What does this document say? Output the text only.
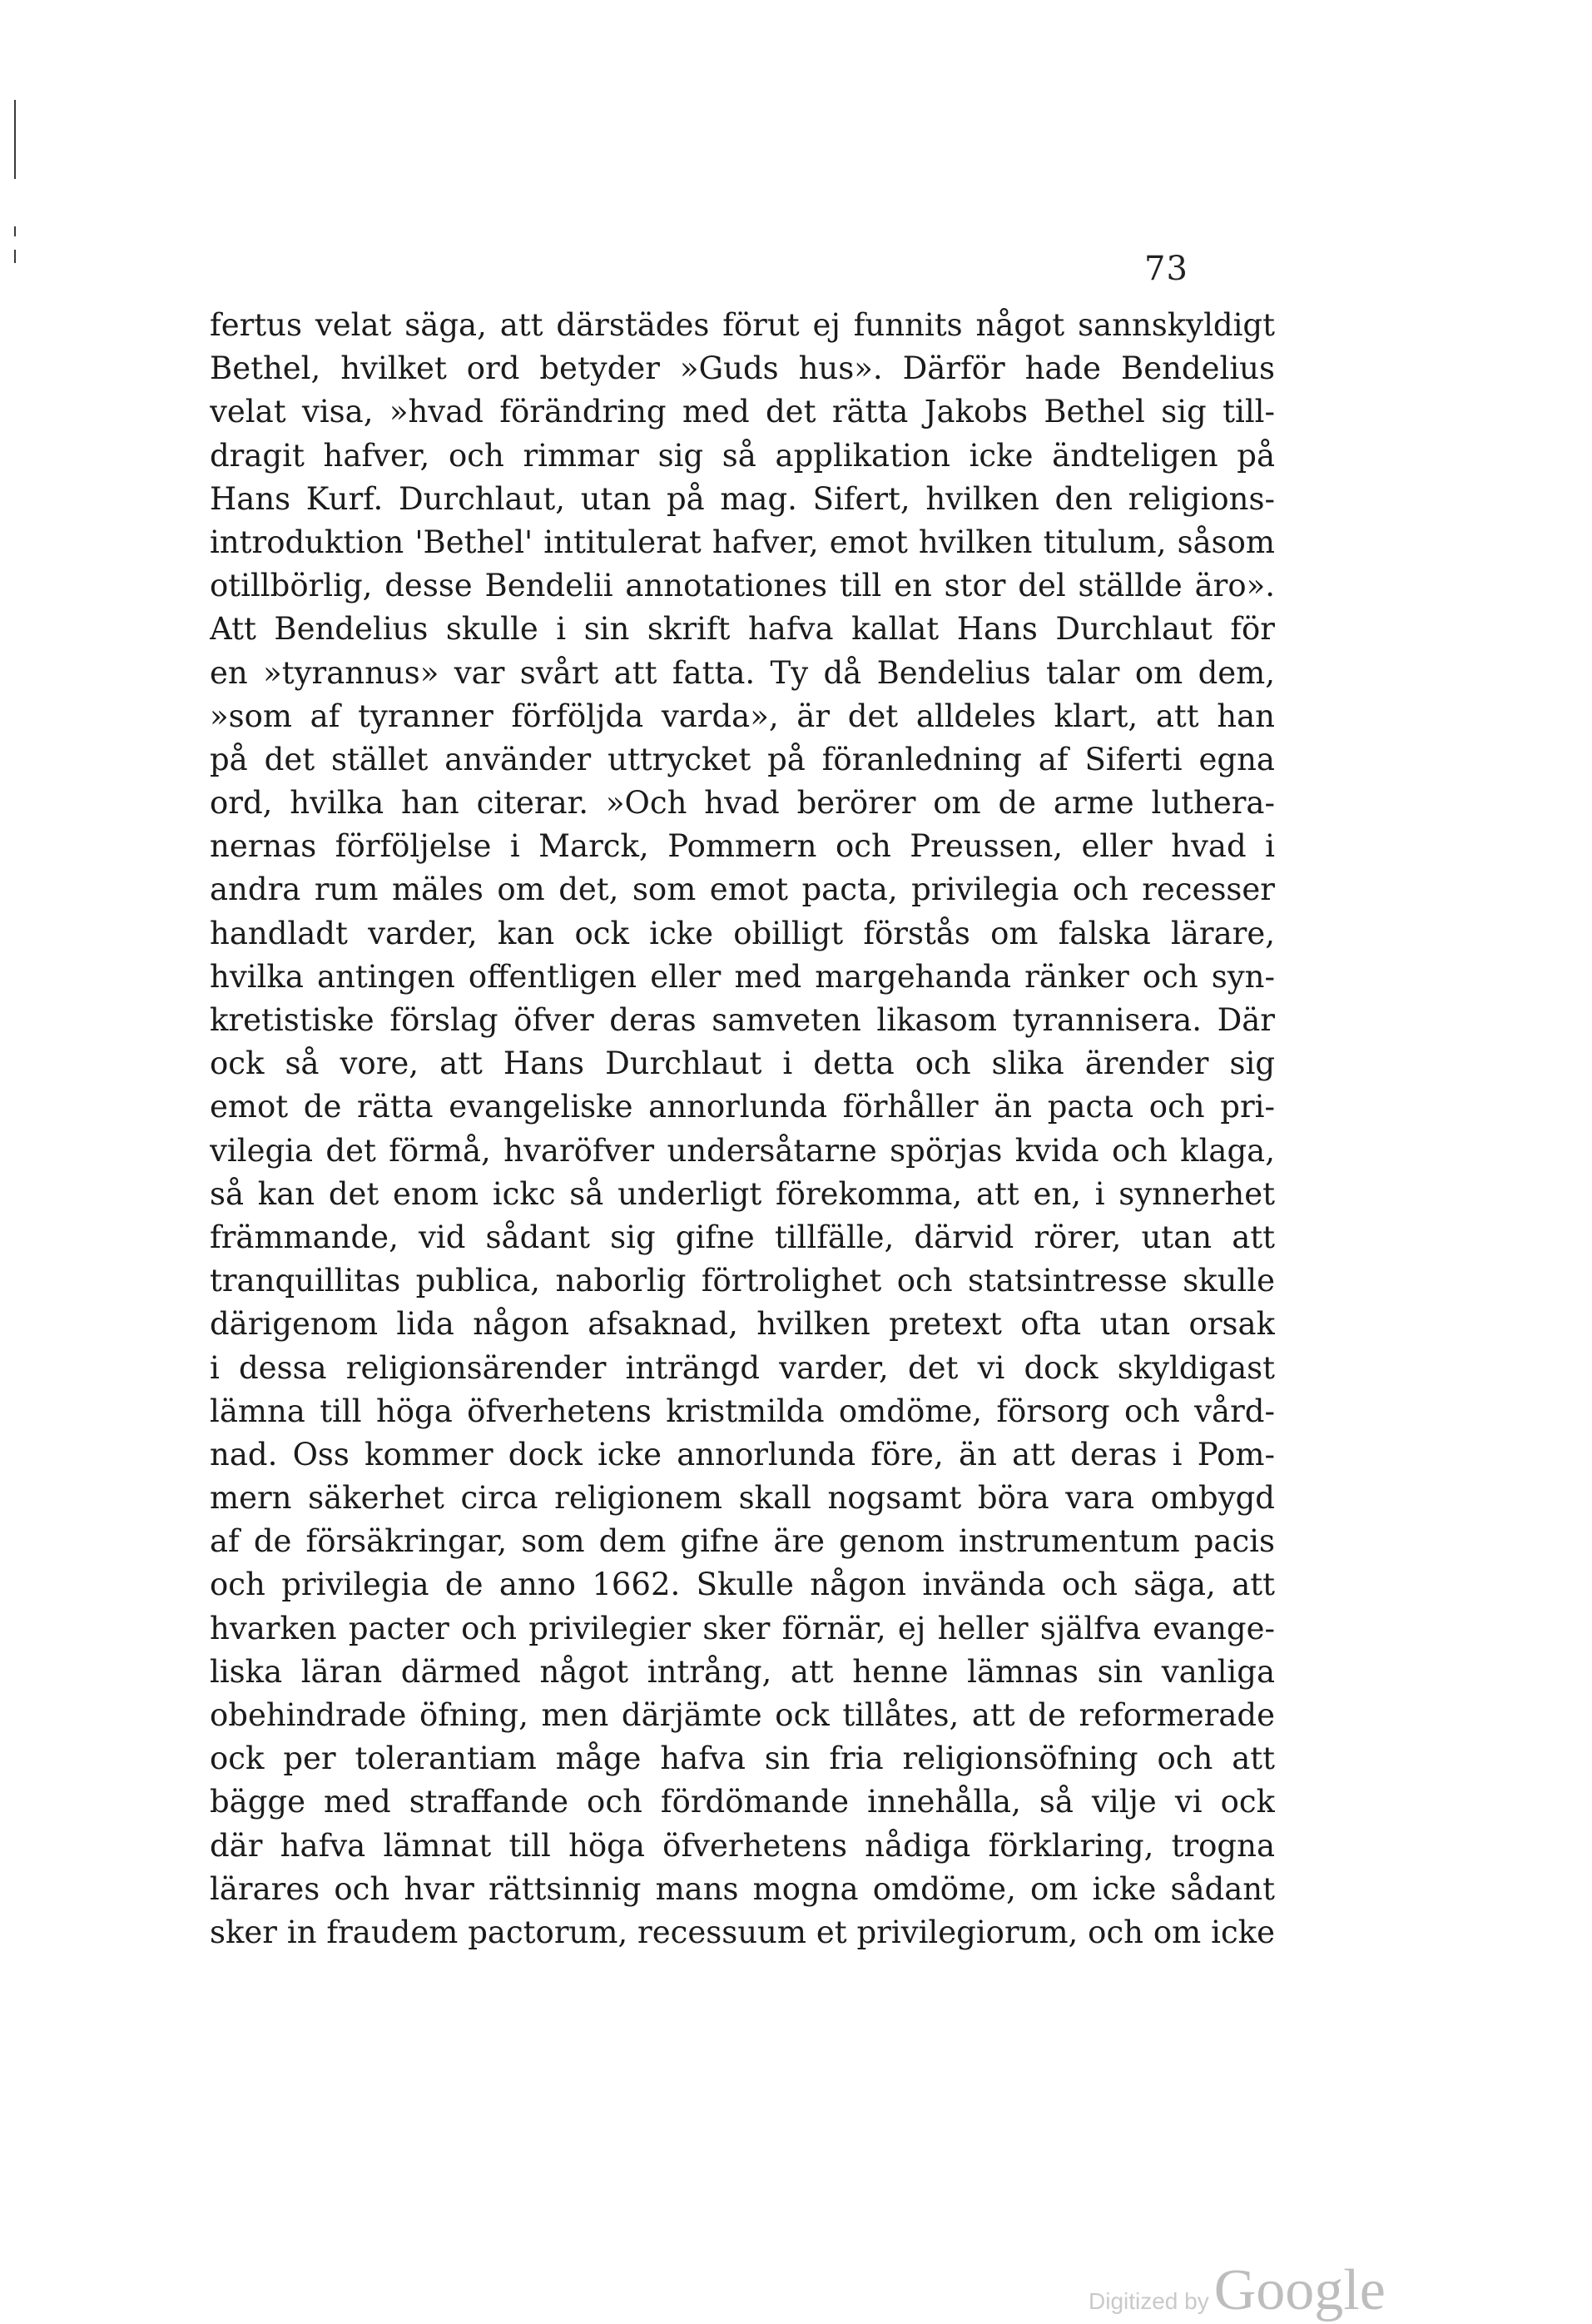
73
fertus velat säga, att därstädes förut ej funnits något sannskyldigt
Bethel, hvilket ord betyder »Guds hus». Därför hade Bendelius
velat visa, »hvad förändring med det rätta Jakobs Bethel sig till-
dragit hafver, och rimmar sig så applikation icke ändteligen på
Hans Kurf. Durchlaut, utan på mag. Sifert, hvilken den religions-
introduktion 'Bethel' intitulerat hafver, emot hvilken titulum, såsom
otillbörlig, desse Bendelii annotationes till en stor del ställde äro».
Att Bendelius skulle i sin skrift hafva kallat Hans Durchlaut för
en »tyrannus» var svårt att fatta. Ty då Bendelius talar om dem,
»som af tyranner förföljda varda», är det alldeles klart, att han
på det stället använder uttrycket på föranledning af Siferti egna
ord, hvilka han citerar. »Och hvad berörer om de arme luthera-
nernas förföljelse i Marck, Pommern och Preussen, eller hvad i
andra rum mäles om det, som emot pacta, privilegia och recesser
handladt varder, kan ock icke obilligt förstås om falska lärare,
hvilka antingen offentligen eller med margehanda ränker och syn-
kretistiske förslag öfver deras samveten likasom tyrannisera. Där
ock så vore, att Hans Durchlaut i detta och slika ärender sig
emot de rätta evangeliske annorlunda förhåller än pacta och pri-
vilegia det förmå, hvaröfver undersåtarne spörjas kvida och klaga,
så kan det enom ickc så underligt förekomma, att en, i synnerhet
främmande, vid sådant sig gifne tillfälle, därvid rörer, utan att
tranquillitas publica, naborlig förtrolighet och statsintresse skulle
därigenom lida någon afsaknad, hvilken pretext ofta utan orsak
i dessa religionsärender inträngd varder, det vi dock skyldigast
lämna till höga öfverhetens kristmilda omdöme, försorg och vård-
nad. Oss kommer dock icke annorlunda före, än att deras i Pom-
mern säkerhet circa religionem skall nogsamt böra vara ombygd
af de försäkringar, som dem gifne äre genom instrumentum pacis
och privilegia de anno 1662. Skulle någon invända och säga, att
hvarken pacter och privilegier sker förnär, ej heller själfva evange-
liska läran därmed något intrång, att henne lämnas sin vanliga
obehindrade öfning, men därjämte ock tillåtes, att de reformerade
ock per tolerantiam måge hafva sin fria religionsöfning och att
bägge med straffande och fördömande innehålla, så vilje vi ock
där hafva lämnat till höga öfverhetens nådiga förklaring, trogna
lärares och hvar rättsinnig mans mogna omdöme, om icke sådant
sker in fraudem pactorum, recessuum et privilegiorum, och om icke
Digitized by Google
